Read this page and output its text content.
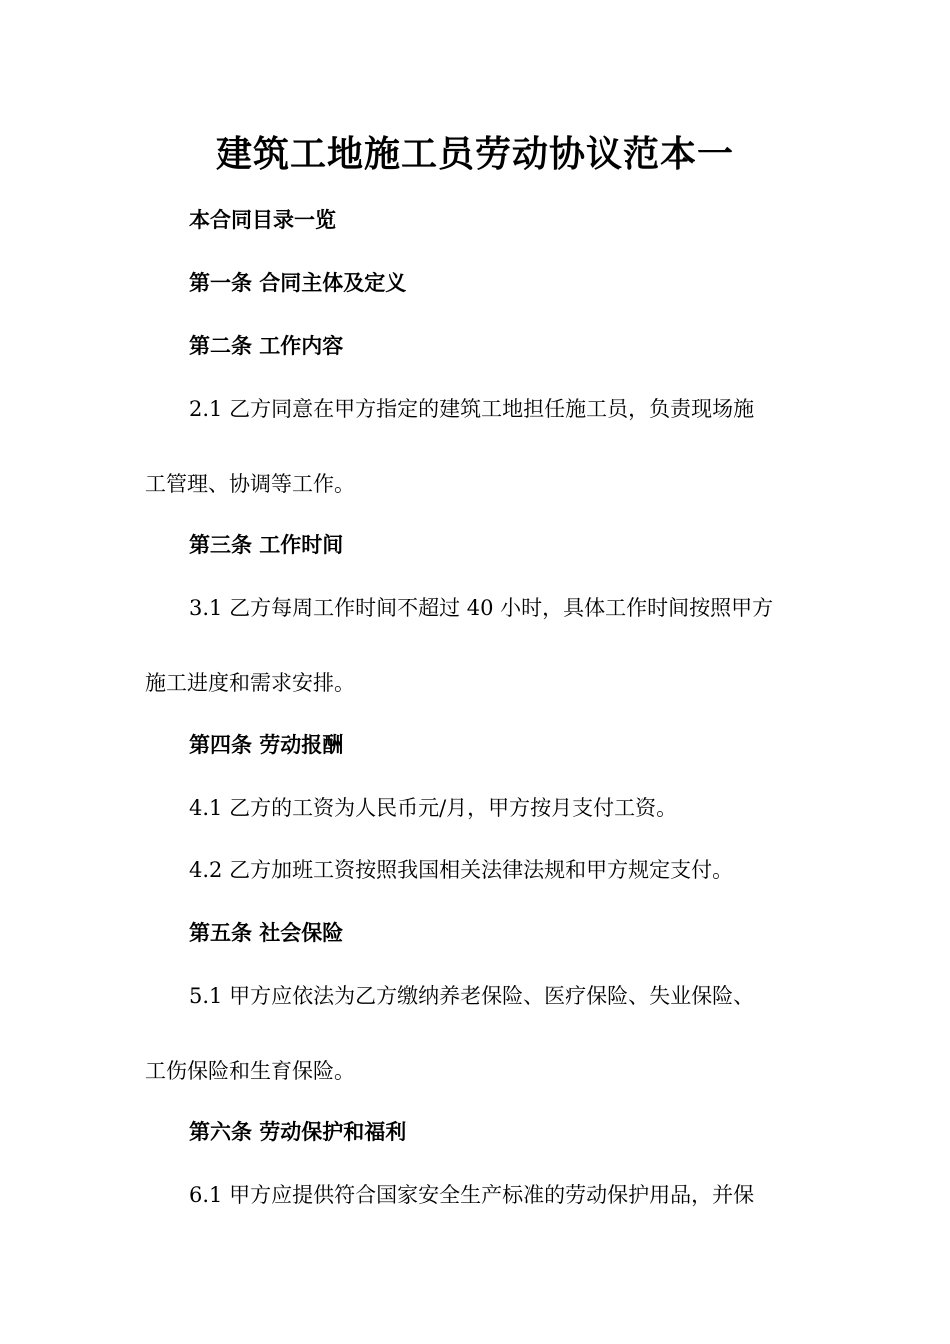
建筑工地施工员劳动协议范本一

本合同目录一览

第一条 合同主体及定义

第二条 工作内容

2.1 乙方同意在甲方指定的建筑工地担任施工员，负责现场施

工管理、协调等工作。

第三条 工作时间

3.1 乙方每周工作时间不超过 40 小时，具体工作时间按照甲方

施工进度和需求安排。

第四条 劳动报酬

4.1 乙方的工资为人民币元/月，甲方按月支付工资。

4.2 乙方加班工资按照我国相关法律法规和甲方规定支付。

第五条 社会保险

5.1 甲方应依法为乙方缴纳养老保险、医疗保险、失业保险、

工伤保险和生育保险。

第六条 劳动保护和福利

6.1 甲方应提供符合国家安全生产标准的劳动保护用品，并保
